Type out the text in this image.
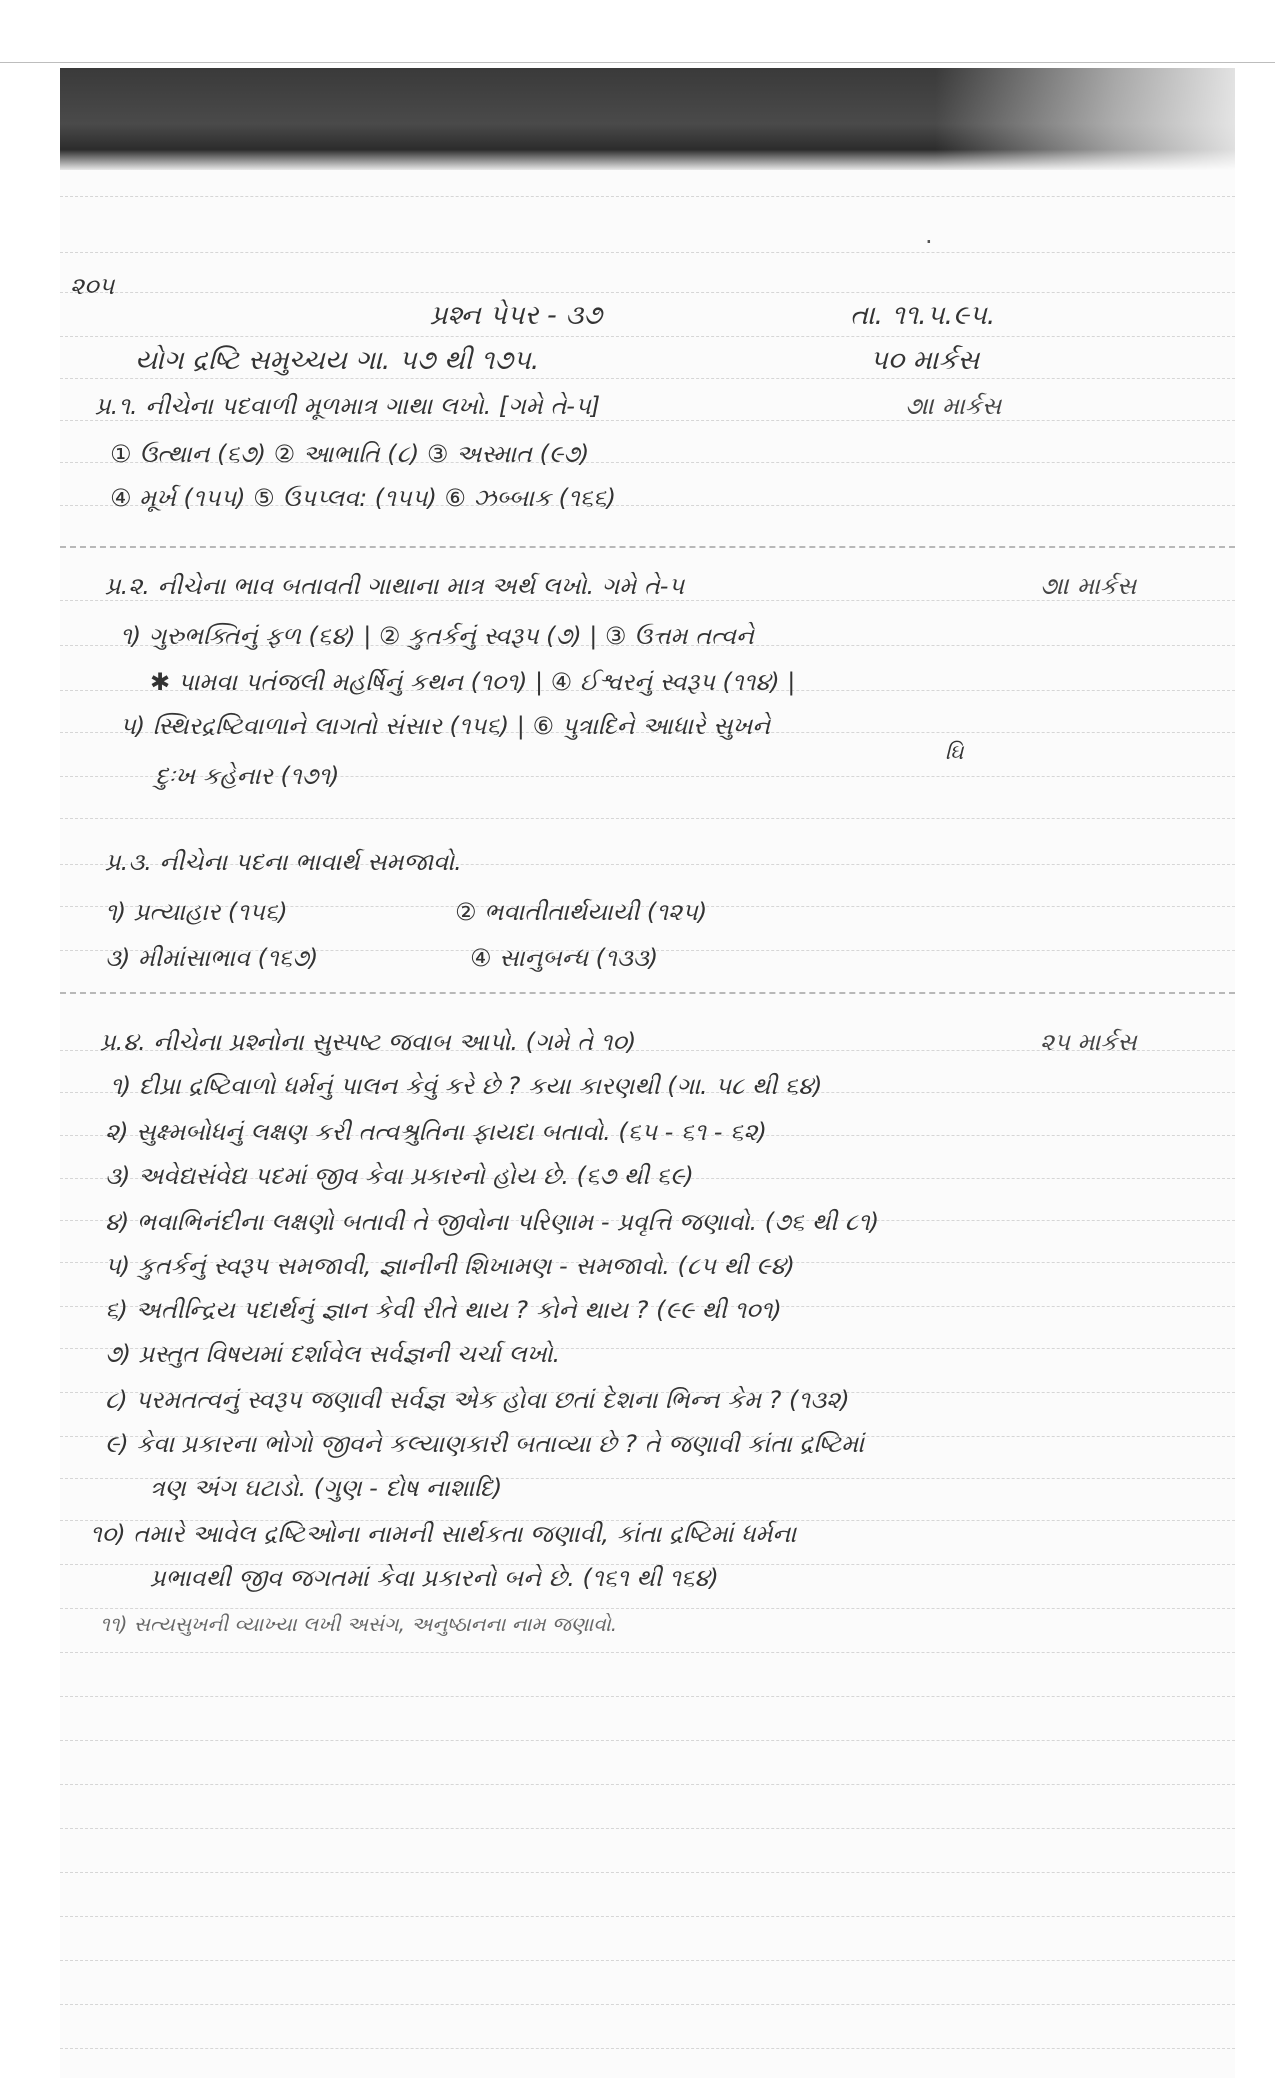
·
૨૦૫
પ્રશ્ન પેપર - ૩૭	તા. ૧૧.૫.૯૫.
યોગ દ્રષ્ટિ સમુચ્ચય ગા. ૫૭ થી ૧૭૫.	૫૦ માર્કસ
પ્ર.૧. નીચેના પદવાળી મૂળમાત્ર ગાથા લખો. [ગમે તે-૫]	૭॥ માર્કસ
① ઉત્થાન (૬૭) ② આભાતિ (૮) ③ અસ્માત (૯૭)
④ મૂર્ખ (૧૫૫) ⑤ ઉપપ્લવ: (૧૫૫) ⑥ ઝબ્બાક (૧૬૬)
પ્ર.૨. નીચેના ભાવ બતાવતી ગાથાના માત્ર અર્થ લખો. ગમે તે-૫	૭॥ માર્કસ
૧) ગુરુભક્તિનું ફળ (૬૪) | ② કુતર્કનું સ્વરૂપ (૭) | ③ ઉત્તમ તત્વને
✱ પામવા પતંજલી મહર્ષિનું કથન (૧૦૧) | ④ ઈશ્વરનું સ્વરૂપ (૧૧૪) |
૫) સ્થિરદ્રષ્ટિવાળાને લાગતો સંસાર (૧૫૬) | ⑥ પુત્રાદિને આધારે સુખને
ઘિ
દુઃખ કહેનાર (૧૭૧)
પ્ર.૩. નીચેના પદના ભાવાર્થ સમજાવો.
૧) પ્રત્યાહાર (૧૫૬)	② ભવાતીતાર્થયાયી (૧૨૫)
૩) મીમાંસાભાવ (૧૬૭)	④ સાનુબન્ધ (૧૩૩)
પ્ર.૪. નીચેના પ્રશ્નોના સુસ્પષ્ટ જવાબ આપો. (ગમે તે ૧૦)	૨૫ માર્કસ
૧) દીપ્રા દ્રષ્ટિવાળો ધર્મનું પાલન કેવું કરે છે ? કયા કારણથી (ગા. ૫૮ થી ૬૪)
૨) સુક્ષ્મબોધનું લક્ષણ કરી તત્વશ્રુતિના ફાયદા બતાવો. (૬૫ - ૬૧ - ૬૨)
૩) અવેદ્યસંવેદ્ય પદમાં જીવ કેવા પ્રકારનો હોય છે. (૬૭ થી ૬૯)
૪) ભવાભિનંદીના લક્ષણો બતાવી તે જીવોના પરિણામ - પ્રવૃત્તિ જણાવો. (૭૬ થી ૮૧)
૫) કુતર્કનું સ્વરૂપ સમજાવી, જ્ઞાનીની શિખામણ - સમજાવો. (૮૫ થી ૯૪)
૬) અતીન્દ્રિય પદાર્થનું જ્ઞાન કેવી રીતે થાય ? કોને થાય ? (૯૯ થી ૧૦૧)
૭) પ્રસ્તુત વિષયમાં દર્શાવેલ સર્વજ્ઞની ચર્ચા લખો.
૮) પરમતત્વનું સ્વરૂપ જણાવી સર્વજ્ઞ એક હોવા છતાં દેશના ભિન્ન કેમ ? (૧૩૨)
૯) કેવા પ્રકારના ભોગો જીવને કલ્યાણકારી બતાવ્યા છે ? તે જણાવી કાંતા દ્રષ્ટિમાં
ત્રણ અંગ ઘટાડો. (ગુણ - દોષ નાશાદિ)
૧૦) તમારે આવેલ દ્રષ્ટિઓના નામની સાર્થકતા જણાવી, કાંતા દ્રષ્ટિમાં ધર્મના
પ્રભાવથી જીવ જગતમાં કેવા પ્રકારનો બને છે. (૧૬૧ થી ૧૬૪)
૧૧) સત્યસુખની વ્યાખ્યા લખી અસંગ, અનુષ્ઠાનના નામ જણાવો.
